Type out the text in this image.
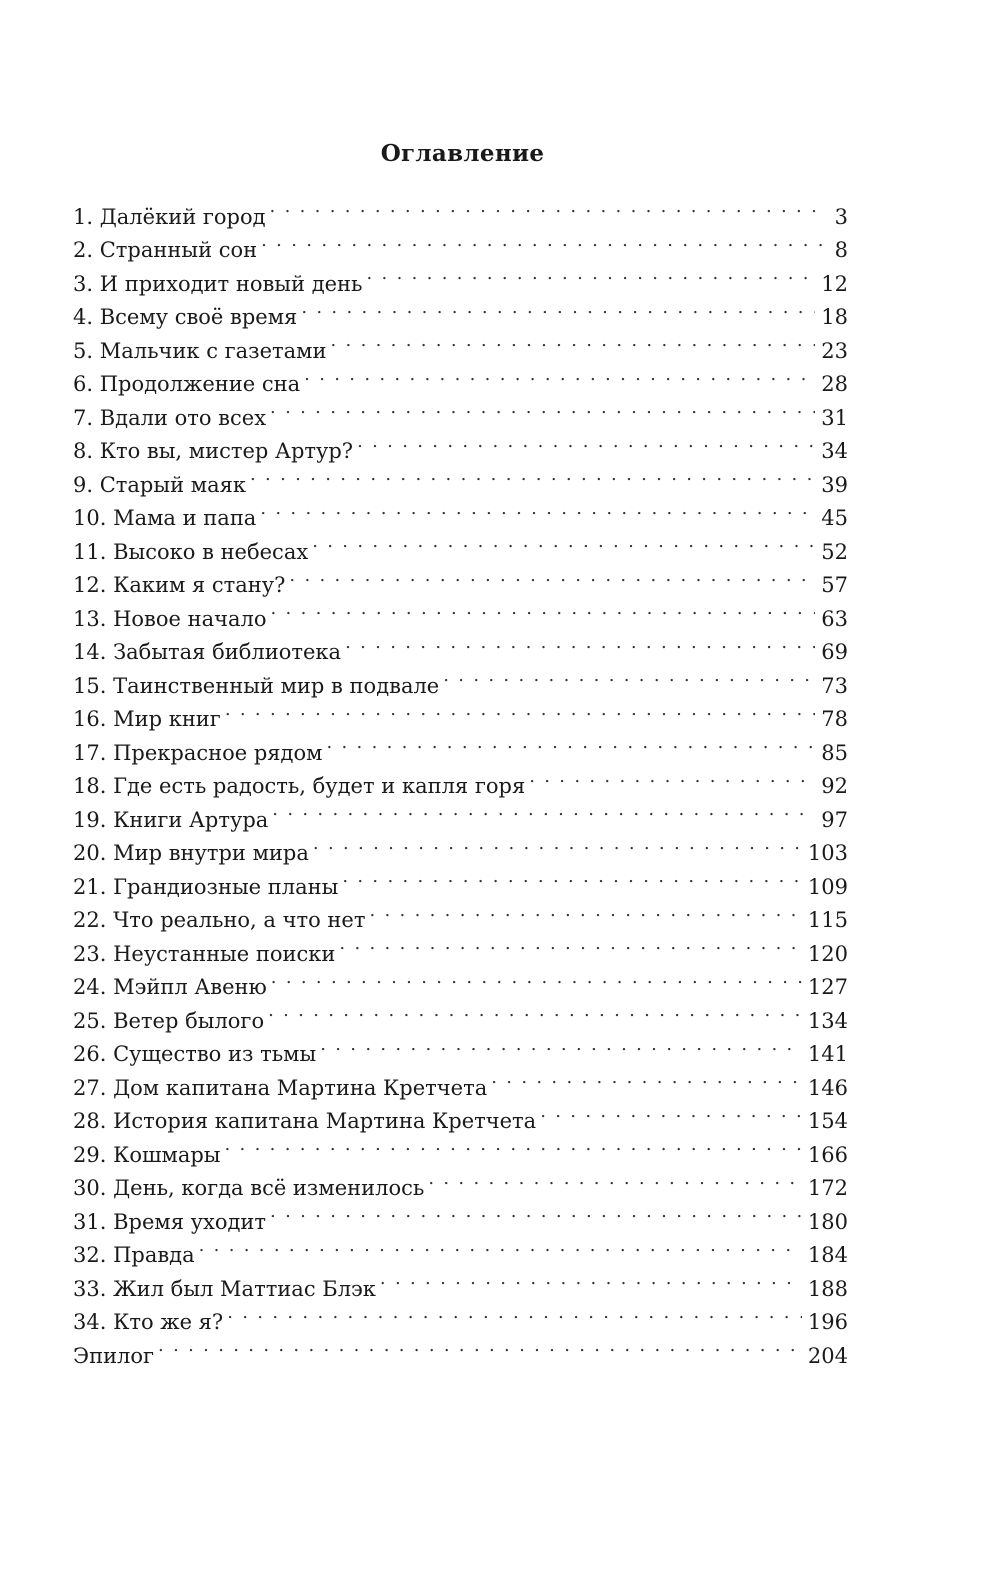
Оглавление
1. Далёкий город . . .	3
2. Странный сон . . .	8
3. И приходит новый день . . .	12
4. Всему своё время . . .	18
5. Мальчик с газетами . . .	23
6. Продолжение сна . . .	28
7. Вдали ото всех . . .	31
8. Кто вы, мистер Артур? . . .	34
9. Старый маяк . . .	39
10. Мама и папа . . .	45
11. Высоко в небесах . . .	52
12. Каким я стану? . . .	57
13. Новое начало . . .	63
14. Забытая библиотека . . .	69
15. Таинственный мир в подвале . . .	73
16. Мир книг . . .	78
17. Прекрасное рядом . . .	85
18. Где есть радость, будет и капля горя . . .	92
19. Книги Артура . . .	97
20. Мир внутри мира . . .	103
21. Грандиозные планы . . .	109
22. Что реально, а что нет . . .	115
23. Неустанные поиски . . .	120
24. Мэйпл Авеню . . .	127
25. Ветер былого . . .	134
26. Существо из тьмы . . .	141
27. Дом капитана Мартина Кретчета . . .	146
28. История капитана Мартина Кретчета . . .	154
29. Кошмары . . .	166
30. День, когда всё изменилось . . .	172
31. Время уходит . . .	180
32. Правда . . .	184
33. Жил был Маттиас Блэк . . .	188
34. Кто же я? . . .	196
Эпилог . . .	204
